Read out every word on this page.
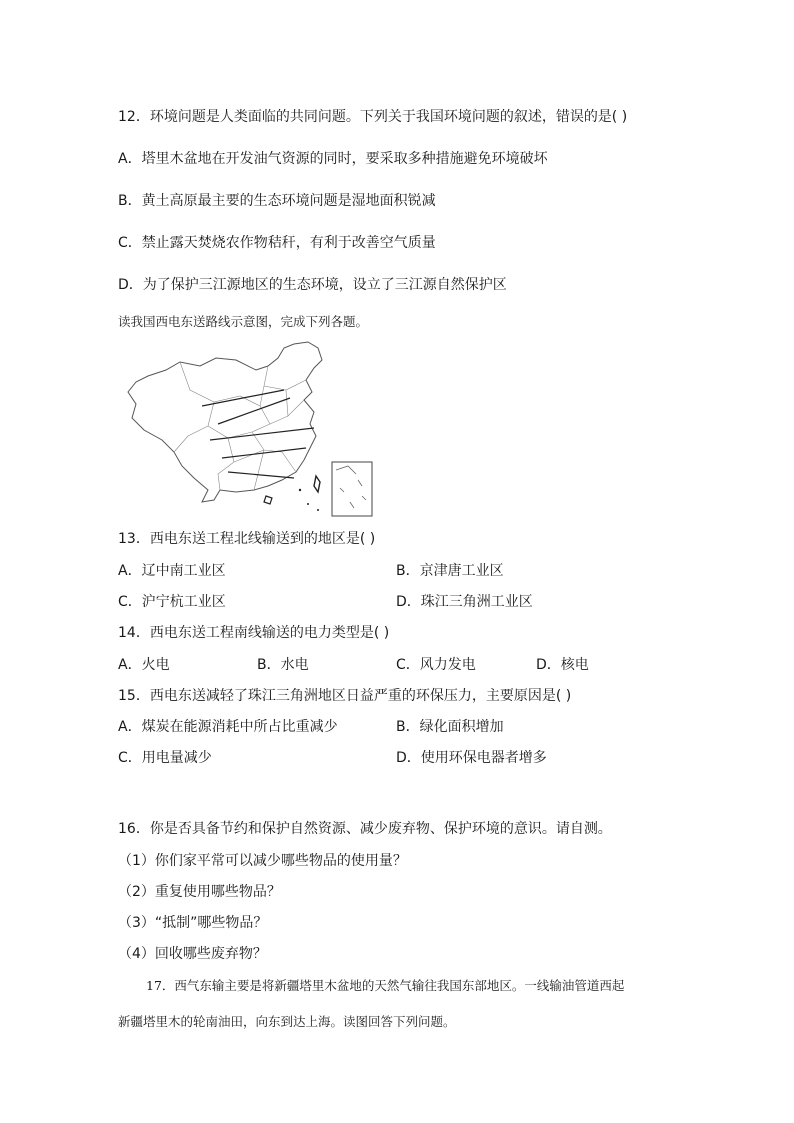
12．环境问题是人类面临的共同问题。下列关于我国环境问题的叙述，错误的是( )
A．塔里木盆地在开发油气资源的同时，要采取多种措施避免环境破坏
B．黄土高原最主要的生态环境问题是湿地面积锐减
C．禁止露天焚烧农作物秸秆，有利于改善空气质量
D．为了保护三江源地区的生态环境，设立了三江源自然保护区
读我国西电东送路线示意图，完成下列各题。
13．西电东送工程北线输送到的地区是( )
A．辽中南工业区	B．京津唐工业区
C．沪宁杭工业区	D．珠江三角洲工业区
14．西电东送工程南线输送的电力类型是( )
A．火电	B．水电	C．风力发电	D．核电
15．西电东送减轻了珠江三角洲地区日益严重的环保压力，主要原因是( )
A．煤炭在能源消耗中所占比重减少	B．绿化面积增加
C．用电量减少	D．使用环保电器者增多
16．你是否具备节约和保护自然资源、减少废弃物、保护环境的意识。请自测。
（1）你们家平常可以减少哪些物品的使用量？
（2）重复使用哪些物品？
（3）“抵制”哪些物品？
（4）回收哪些废弃物？
17．西气东输主要是将新疆塔里木盆地的天然气输往我国东部地区。一线输油管道西起
新疆塔里木的轮南油田，向东到达上海。读图回答下列问题。
